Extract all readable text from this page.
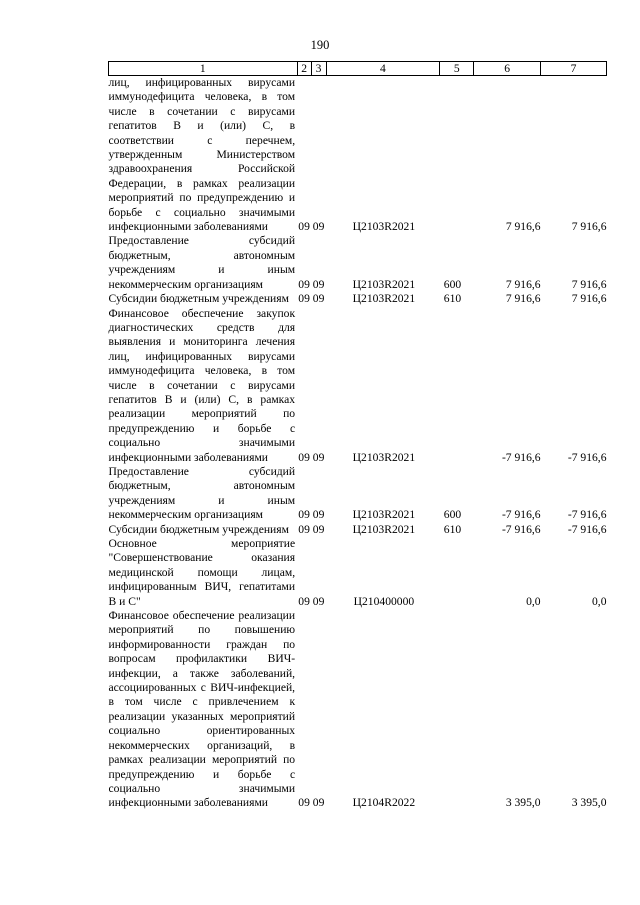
190
1	2	3	4	5	6	7
лиц, инфицированных вирусами иммунодефицита человека, в том числе в сочетании с вирусами гепатитов В и (или) С, в соответствии с перечнем, утвержденным Министерством здравоохранения Российской Федерации, в рамках реализации мероприятий по предупреждению и борьбе с социально значимыми инфекционными заболеваниями	09	09	Ц2103R2021		7 916,6	7 916,6
Предоставление субсидий бюджетным, автономным учреждениям и иным некоммерческим организациям	09	09	Ц2103R2021	600	7 916,6	7 916,6
Субсидии бюджетным учреждениям	09	09	Ц2103R2021	610	7 916,6	7 916,6
Финансовое обеспечение закупок диагностических средств для выявления и мониторинга лечения лиц, инфицированных вирусами иммунодефицита человека, в том числе в сочетании с вирусами гепатитов В и (или) С, в рамках реализации мероприятий по предупреждению и борьбе с социально значимыми инфекционными заболеваниями	09	09	Ц2103R2021		-7 916,6	-7 916,6
Предоставление субсидий бюджетным, автономным учреждениям и иным некоммерческим организациям	09	09	Ц2103R2021	600	-7 916,6	-7 916,6
Субсидии бюджетным учреждениям	09	09	Ц2103R2021	610	-7 916,6	-7 916,6
Основное мероприятие "Совершенствование оказания медицинской помощи лицам, инфицированным ВИЧ, гепатитами В и С"	09	09	Ц210400000		0,0	0,0
Финансовое обеспечение реализации мероприятий по повышению информированности граждан по вопросам профилактики ВИЧ-инфекции, а также заболеваний, ассоциированных с ВИЧ-инфекцией, в том числе с привлечением к реализации указанных мероприятий социально ориентированных некоммерческих организаций, в рамках реализации мероприятий по предупреждению и борьбе с социально значимыми инфекционными заболеваниями	09	09	Ц2104R2022		3 395,0	3 395,0
